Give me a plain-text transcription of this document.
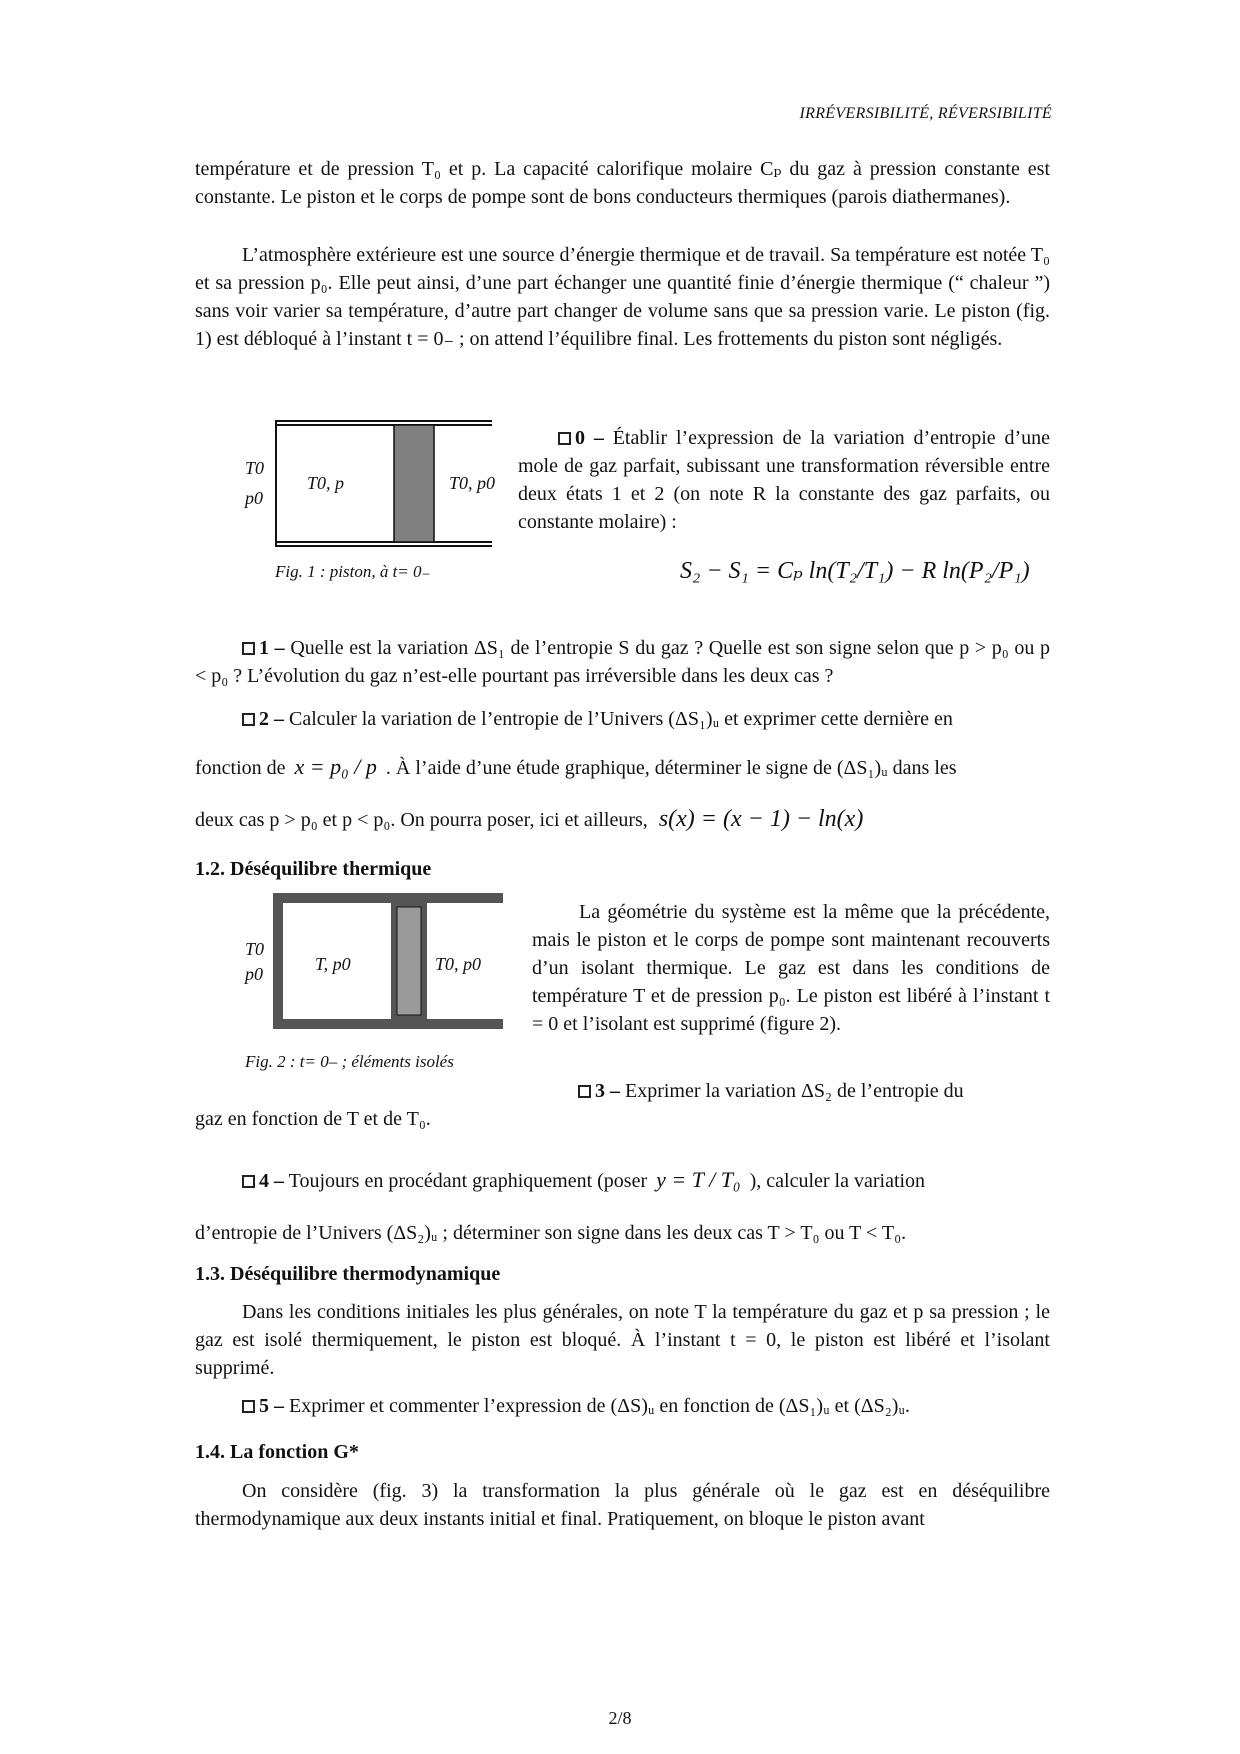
IRRÉVERSIBILITÉ, RÉVERSIBILITÉ
température et de pression T₀ et p. La capacité calorifique molaire Cₚ du gaz à pression constante est constante. Le piston et le corps de pompe sont de bons conducteurs thermiques (parois diathermanes).
L’atmosphère extérieure est une source d’énergie thermique et de travail. Sa température est notée T₀ et sa pression p₀. Elle peut ainsi, d’une part échanger une quantité finie d’énergie thermique (“ chaleur ”) sans voir varier sa température, d’autre part changer de volume sans que sa pression varie. Le piston (fig. 1) est débloqué à l’instant t = 0₋ ; on attend l’équilibre final. Les frottements du piston sont négligés.
T0
p0
T0, p	T0, p0
Fig. 1 : piston, à t= 0₋
0 – Établir l’expression de la variation d’entropie d’une mole de gaz parfait, subissant une transformation réversible entre deux états 1 et 2 (on note R la constante des gaz parfaits, ou constante molaire) :
S₂ − S₁ = Cₚ ln(T₂/T₁) − R ln(P₂/P₁)
1 – Quelle est la variation ΔS₁ de l’entropie S du gaz ? Quelle est son signe selon que p > p₀ ou p < p₀ ? L’évolution du gaz n’est-elle pourtant pas irréversible dans les deux cas ?
2 – Calculer la variation de l’entropie de l’Univers (ΔS₁)ᵤ et exprimer cette dernière en
fonction de x = p₀ / p . À l’aide d’une étude graphique, déterminer le signe de (ΔS₁)ᵤ dans les
deux cas p > p₀ et p < p₀. On pourra poser, ici et ailleurs, s(x) = (x − 1) − ln(x)
1.2. Déséquilibre thermique
T0
p0	T, p0	T0, p0
Fig. 2 : t= 0– ; éléments isolés
La géométrie du système est la même que la précédente, mais le piston et le corps de pompe sont maintenant recouverts d’un isolant thermique. Le gaz est dans les conditions de température T et de pression p₀. Le piston est libéré à l’instant t = 0 et l’isolant est supprimé (figure 2).
3 – Exprimer la variation ΔS₂ de l’entropie du
gaz en fonction de T et de T₀.
4 – Toujours en procédant graphiquement (poser y = T / T₀ ), calculer la variation
d’entropie de l’Univers (ΔS₂)ᵤ ; déterminer son signe dans les deux cas T > T₀ ou T < T₀.
1.3. Déséquilibre thermodynamique
Dans les conditions initiales les plus générales, on note T la température du gaz et p sa pression ; le gaz est isolé thermiquement, le piston est bloqué. À l’instant t = 0, le piston est libéré et l’isolant supprimé.
5 – Exprimer et commenter l’expression de (ΔS)ᵤ en fonction de (ΔS₁)ᵤ et (ΔS₂)ᵤ.
1.4. La fonction G*
On considère (fig. 3) la transformation la plus générale où le gaz est en déséquilibre thermodynamique aux deux instants initial et final. Pratiquement, on bloque le piston avant
2/8
